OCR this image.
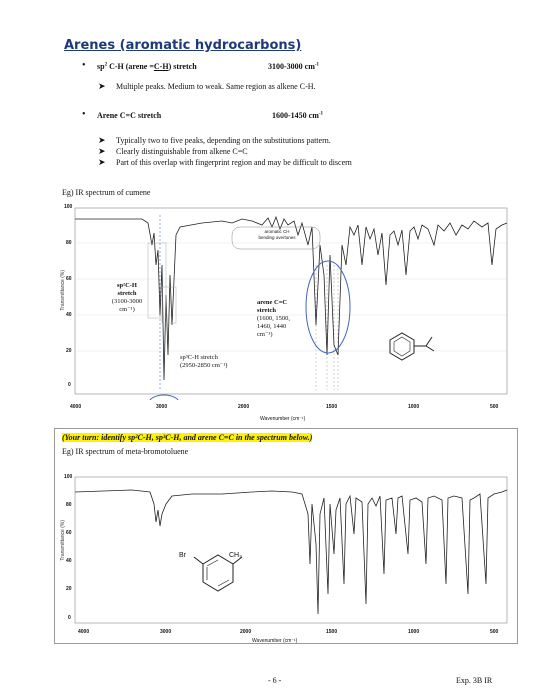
Arenes (aromatic hydrocarbons)
• $sp^2$ C-H (arene =C-H) stretch	3100-3000 $cm^{-1}$
➤ Multiple peaks. Medium to weak. Same region as alkene C-H.
• Arene C=C stretch	1600-1450 $cm^{-1}$
➤ Typically two to five peaks, depending on the substitutions pattern.
➤ Clearly distinguishable from alkene C=C
➤ Part of this overlap with fingerprint region and may be difficult to discern
Eg) IR spectrum of cumene
Transmittance (%)
100
80
60
40
20
0
sp²C-H
stretch
(3100-3000
cm⁻¹)
sp³C-H stretch
(2950-2850 cm⁻¹)
arene C=C
stretch
(1600, 1500,
1460, 1440
cm⁻¹)
aromatic CH
bending overtones
4000	3000	2000	1500	1000	500
Wavenumber (cm⁻¹)
(Your turn: identify sp²C-H, sp³C-H, and arene C=C in the spectrum below.)
Eg) IR spectrum of meta-bromotoluene
Transmittance (%)
100
80
60
40
20
0
Br	CH₃
4000	3000	2000	1500	1000	500
Wavenumber (cm⁻¹)
- 6 -	Exp. 3B IR
